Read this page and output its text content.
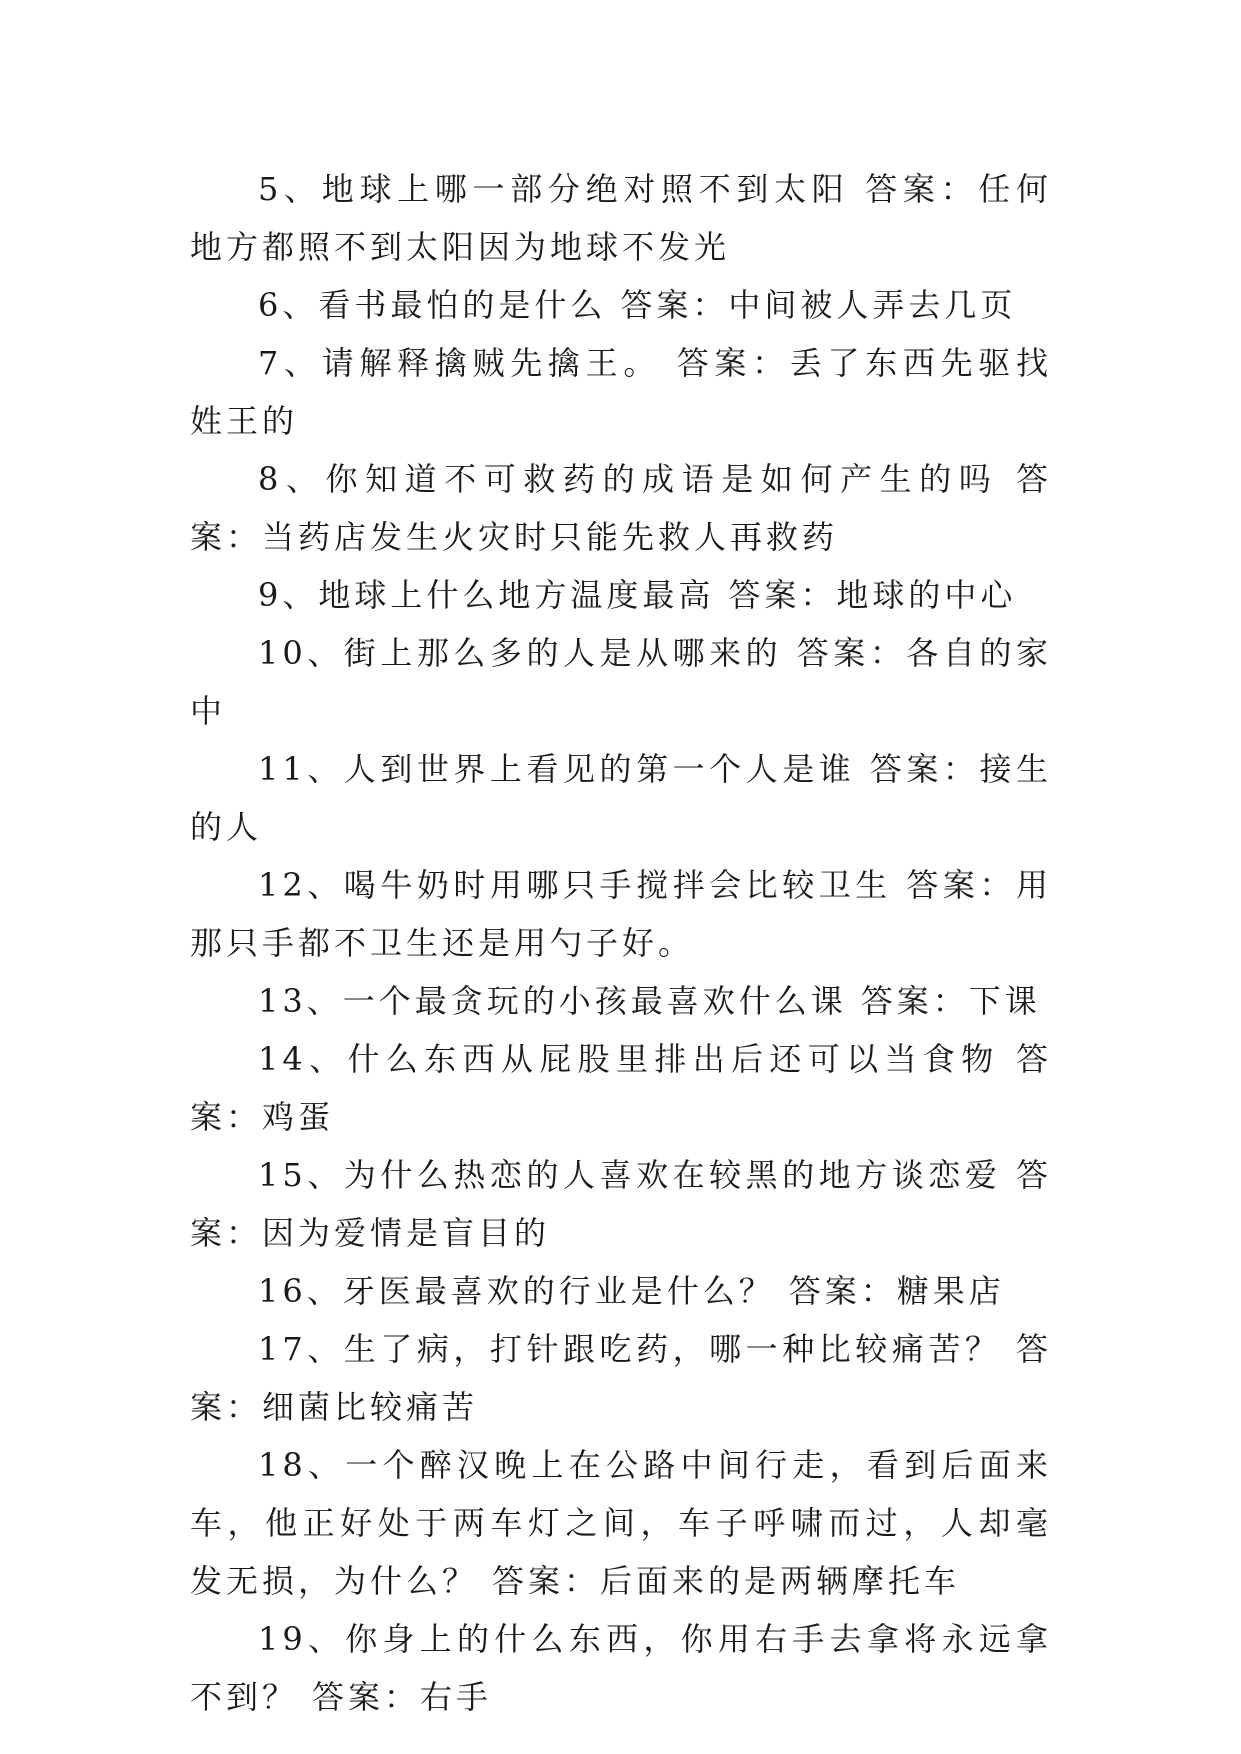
5、地球上哪一部分绝对照不到太阳 答案：任何地方都照不到太阳因为地球不发光

6、看书最怕的是什么 答案：中间被人弄去几页

7、请解释擒贼先擒王。 答案：丢了东西先驱找姓王的

8、你知道不可救药的成语是如何产生的吗 答案：当药店发生火灾时只能先救人再救药

9、地球上什么地方温度最高 答案：地球的中心

10、街上那么多的人是从哪来的 答案：各自的家中

11、人到世界上看见的第一个人是谁 答案：接生的人

12、喝牛奶时用哪只手搅拌会比较卫生 答案：用那只手都不卫生还是用勺子好。

13、一个最贪玩的小孩最喜欢什么课 答案：下课

14、什么东西从屁股里排出后还可以当食物 答案：鸡蛋

15、为什么热恋的人喜欢在较黑的地方谈恋爱 答案：因为爱情是盲目的

16、牙医最喜欢的行业是什么？ 答案：糖果店

17、生了病，打针跟吃药，哪一种比较痛苦？ 答案：细菌比较痛苦

18、一个醉汉晚上在公路中间行走，看到后面来车，他正好处于两车灯之间，车子呼啸而过，人却毫发无损，为什么？ 答案：后面来的是两辆摩托车

19、你身上的什么东西，你用右手去拿将永远拿不到？ 答案：右手
